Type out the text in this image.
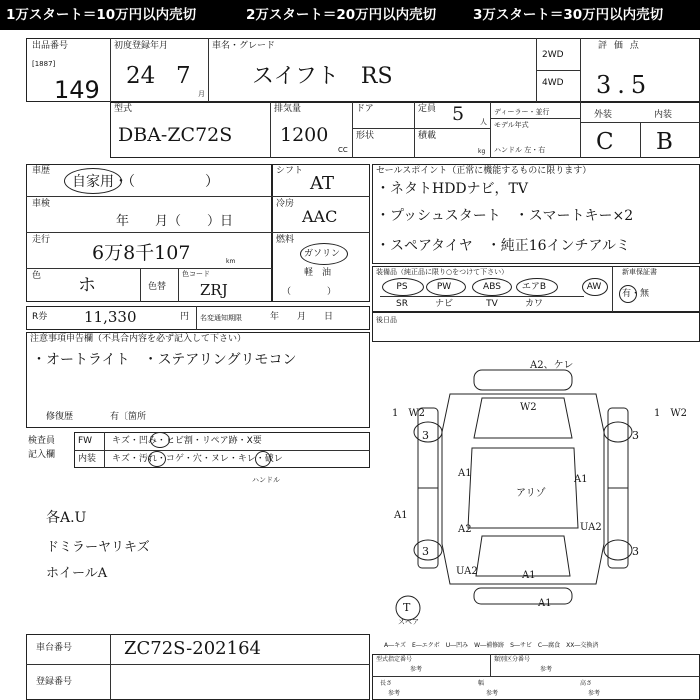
1万スタート＝10万円以内売切	2万スタート＝20万円以内売切	3万スタート＝30万円以内売切
出品番号
[1887]
149
初度登録年月
24 7
月
車名・グレード
スイフト　RS
2WD
4WD
評 価 点
3.5
型式
DBA-ZC72S
排気量
1200
CC
ドア	定員 5 人
形状	積載
kg
ディーラー・並行
モデル年式
ハンドル 左・右
外装	内装
C B
車歴
自家用・（　　　　　）
車検
年　　月（　　）日
走行
6万8千107	km
色 ホ	色替
色コード
ZRJ
シフト
AT
冷房
AAC
燃料
ガソリン
軽　油
（　　　　）
セールスポイント（正常に機能するものに限ります）
・ネタトHDDナビ，TV
・プッシュスタート　・スマートキー×2
・スペアタイヤ　・純正16インチアルミ
装備品（純正品に限り○をつけて下さい）
PS	PW	ABS	エアB	AW
SR	ナビ	TV	カワ
新車保証書
有・無
R券 11,330	円 名変通知期限	年　　月　　日	後日品
注意事項申告欄（不具合内容を必ず記入して下さい）
・オートライト　・ステアリングリモコン
修復歴	有〔箇所
検査員
記入欄
FW
内装
キズ・凹み・ヒビ割・リペア跡・X要
キズ・汚れ・コゲ・穴・ヌレ・キレ・破レ
ハンドル
各A.U
ドミラーヤリキズ
ホイールA
A2、ケレ
W2
1　W2	1　W2
3	3
A1
A1
アリゾ
A1
A2	UA2
A1
UA2
A1
3	3
T
スペア
A―キズ　E―エクボ　U―凹み　W―補修跡　S―サビ　C―腐食　XX―交換済
車台番号	ZC72S-202164
登録番号
型式指定番号
参考
類別区分番号
参考
長さ	幅	高さ
参考	参考	参考
